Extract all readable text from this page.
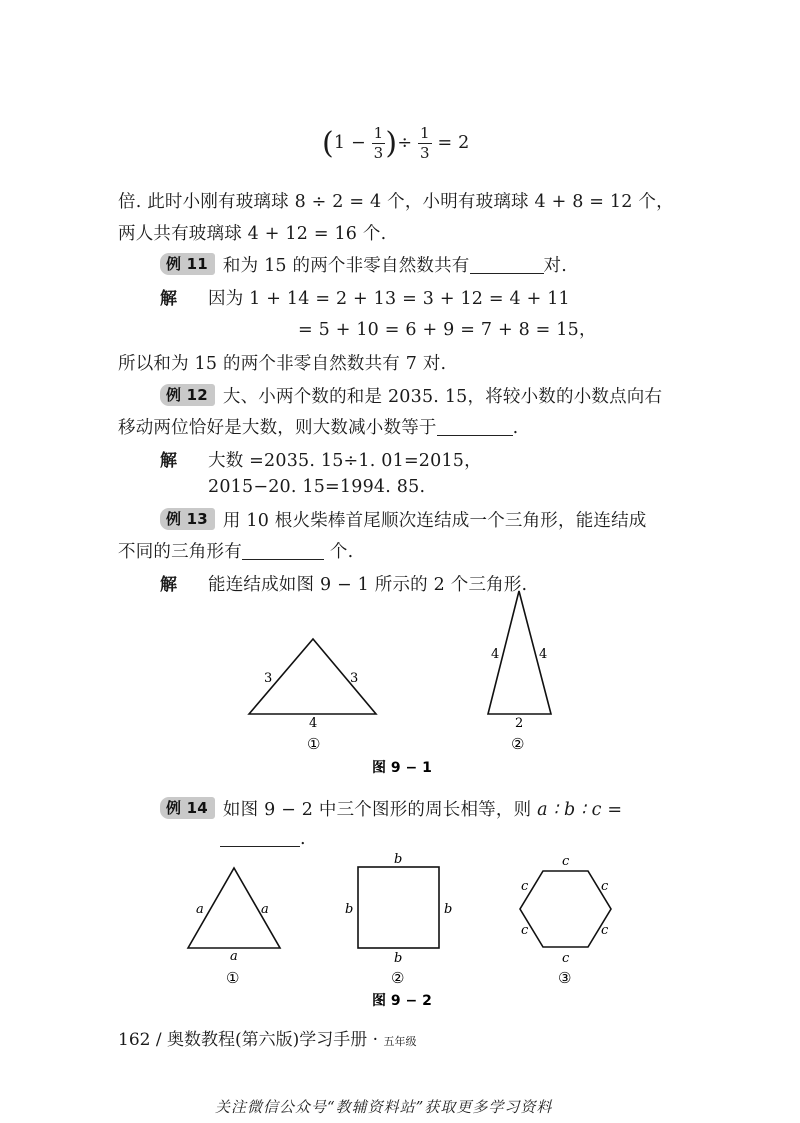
($1 - \frac{1}{3}$ )÷ $\frac{1}{3} = 2$
倍. 此时小刚有玻璃球 8 ÷ 2 = 4 个，小明有玻璃球 4 + 8 = 12 个，
两人共有玻璃球 4 + 12 = 16 个.
例 11 和为 15 的两个非零自然数共有	对.
解 因为 1 + 14 = 2 + 13 = 3 + 12 = 4 + 11
= 5 + 10 = 6 + 9 = 7 + 8 = 15，
所以和为 15 的两个非零自然数共有 7 对.
例 12 大、小两个数的和是 2035. 15，将较小数的小数点向右
移动两位恰好是大数，则大数减小数等于	.
解 大数 =2035. 15÷1. 01=2015，
2015−20. 15=1994. 85.
例 13 用 10 根火柴棒首尾顺次连结成一个三角形，能连结成
不同的三角形有	个.
解 能连结成如图 9 − 1 所示的 2 个三角形.
3	3
4
①
4	4
2
②
图 9 − 1
例 14 如图 9 − 2 中三个图形的周长相等，则 a ∶ b ∶ c =
.
a	a
a
①
b
b	b
b
②
c
c	c
c	c
c
③
图 9 − 2
162 / 奥数教程(第六版)学习手册 · 五年级
关注微信公众号“教辅资料站”获取更多学习资料
